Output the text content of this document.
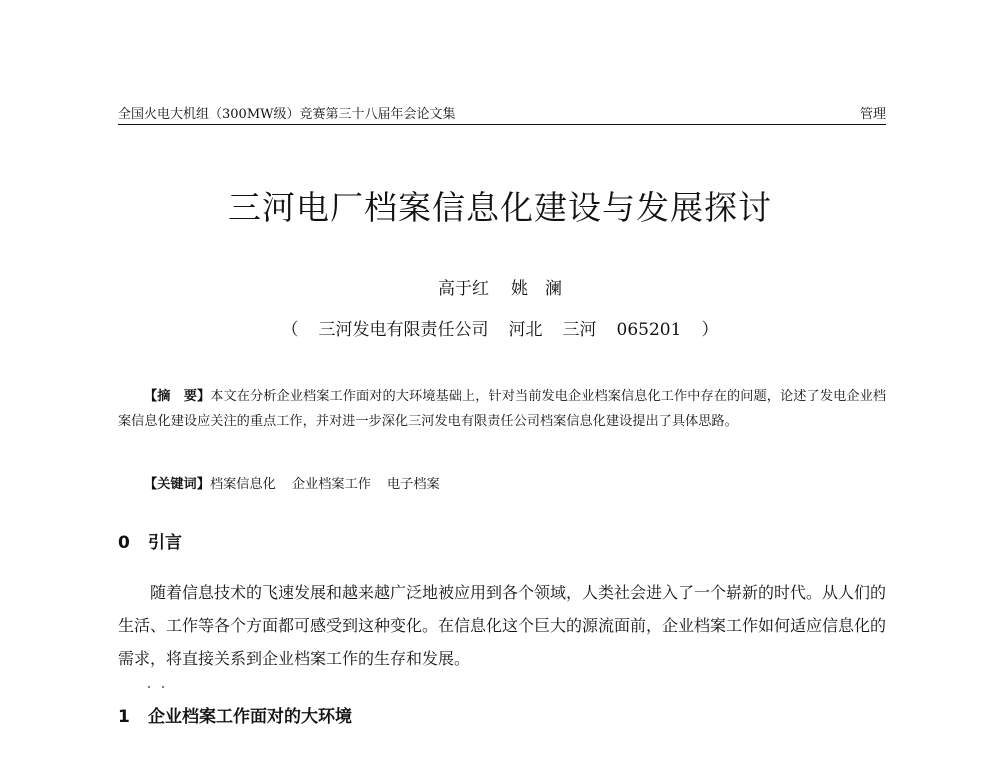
全国火电大机组（300MW级）竞赛第三十八届年会论文集	管理
三河电厂档案信息化建设与发展探讨
高于红 姚　澜
（ 三河发电有限责任公司 河北 三河 065201 ）
【摘　要】本文在分析企业档案工作面对的大环境基础上，针对当前发电企业档案信息化工作中存在的问题，论述了发电企业档案信息化建设应关注的重点工作，并对进一步深化三河发电有限责任公司档案信息化建设提出了具体思路。
【关键词】档案信息化 企业档案工作 电子档案
0 引言
随着信息技术的飞速发展和越来越广泛地被应用到各个领域，人类社会进入了一个崭新的时代。从人们的生活、工作等各个方面都可感受到这种变化。在信息化这个巨大的源流面前，企业档案工作如何适应信息化的需求，将直接关系到企业档案工作的生存和发展。
1 企业档案工作面对的大环境
